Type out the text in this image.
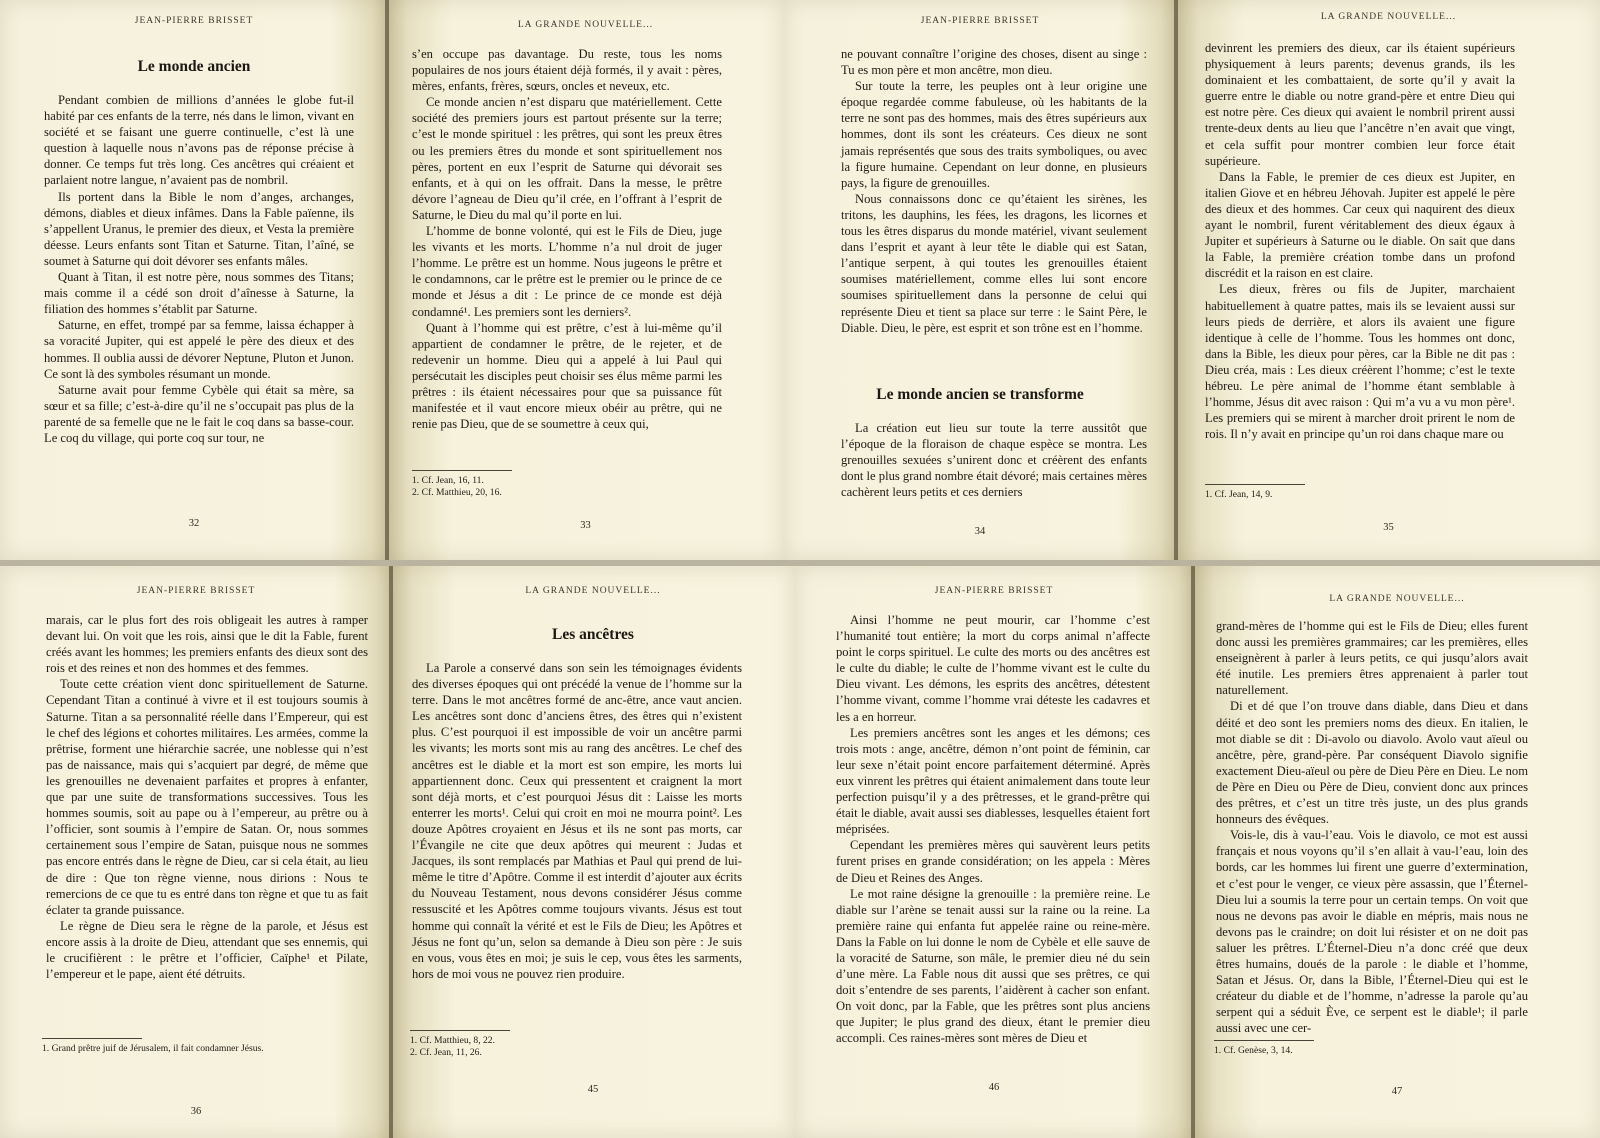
JEAN-PIERRE BRISSET
Le monde ancien

Pendant combien de millions d’années le globe fut-il habité par ces enfants de la terre, nés dans le limon, vivant en société et se faisant une guerre continuelle, c’est là une question à laquelle nous n’avons pas de réponse précise à donner. Ce temps fut très long. Ces ancêtres qui créaient et parlaient notre langue, n’avaient pas de nombril.

Ils portent dans la Bible le nom d’anges, archanges, démons, diables et dieux infâmes. Dans la Fable païenne, ils s’appellent Uranus, le premier des dieux, et Vesta la première déesse. Leurs enfants sont Titan et Saturne. Titan, l’aîné, se soumet à Saturne qui doit dévorer ses enfants mâles.

Quant à Titan, il est notre père, nous sommes des Titans; mais comme il a cédé son droit d’aînesse à Saturne, la filiation des hommes s’établit par Saturne.

Saturne, en effet, trompé par sa femme, laissa échapper à sa voracité Jupiter, qui est appelé le père des dieux et des hommes. Il oublia aussi de dévorer Neptune, Pluton et Junon. Ce sont là des symboles résumant un monde.

Saturne avait pour femme Cybèle qui était sa mère, sa sœur et sa fille; c’est-à-dire qu’il ne s’occupait pas plus de la parenté de sa femelle que ne le fait le coq dans sa basse-cour. Le coq du village, qui porte coq sur tour, ne

32
LA GRANDE NOUVELLE...

s’en occupe pas davantage. Du reste, tous les noms populaires de nos jours étaient déjà formés, il y avait : pères, mères, enfants, frères, sœurs, oncles et neveux, etc.

Ce monde ancien n’est disparu que matériellement. Cette société des premiers jours est partout présente sur la terre; c’est le monde spirituel : les prêtres, qui sont les preux êtres ou les premiers êtres du monde et sont spirituellement nos pères, portent en eux l’esprit de Saturne qui dévorait ses enfants, et à qui on les offrait. Dans la messe, le prêtre dévore l’agneau de Dieu qu’il crée, en l’offrant à l’esprit de Saturne, le Dieu du mal qu’il porte en lui.

L’homme de bonne volonté, qui est le Fils de Dieu, juge les vivants et les morts. L’homme n’a nul droit de juger l’homme. Le prêtre est un homme. Nous jugeons le prêtre et le condamnons, car le prêtre est le premier ou le prince de ce monde et Jésus a dit : Le prince de ce monde est déjà condamné¹. Les premiers sont les derniers².

Quant à l’homme qui est prêtre, c’est à lui-même qu’il appartient de condamner le prêtre, de le rejeter, et de redevenir un homme. Dieu qui a appelé à lui Paul qui persécutait les disciples peut choisir ses élus même parmi les prêtres : ils étaient nécessaires pour que sa puissance fût manifestée et il vaut encore mieux obéir au prêtre, qui ne renie pas Dieu, que de se soumettre à ceux qui,

1. Cf. Jean, 16, 11.
2. Cf. Matthieu, 20, 16.
33
JEAN-PIERRE BRISSET

ne pouvant connaître l’origine des choses, disent au singe : Tu es mon père et mon ancêtre, mon dieu.

Sur toute la terre, les peuples ont à leur origine une époque regardée comme fabuleuse, où les habitants de la terre ne sont pas des hommes, mais des êtres supérieurs aux hommes, dont ils sont les créateurs. Ces dieux ne sont jamais représentés que sous des traits symboliques, ou avec la figure humaine. Cependant on leur donne, en plusieurs pays, la figure de grenouilles.

Nous connaissons donc ce qu’étaient les sirènes, les tritons, les dauphins, les fées, les dragons, les licornes et tous les êtres disparus du monde matériel, vivant seulement dans l’esprit et ayant à leur tête le diable qui est Satan, l’antique serpent, à qui toutes les grenouilles étaient soumises matériellement, comme elles lui sont encore soumises spirituellement dans la personne de celui qui représente Dieu et tient sa place sur terre : le Saint Père, le Diable. Dieu, le père, est esprit et son trône est en l’homme.

Le monde ancien se transforme

La création eut lieu sur toute la terre aussitôt que l’époque de la floraison de chaque espèce se montra. Les grenouilles sexuées s’unirent donc et créèrent des enfants dont le plus grand nombre était dévoré; mais certaines mères cachèrent leurs petits et ces derniers

34
LA GRANDE NOUVELLE...

devinrent les premiers des dieux, car ils étaient supérieurs physiquement à leurs parents; devenus grands, ils les dominaient et les combattaient, de sorte qu’il y avait la guerre entre le diable ou notre grand-père et entre Dieu qui est notre père. Ces dieux qui avaient le nombril prirent aussi trente-deux dents au lieu que l’ancêtre n’en avait que vingt, et cela suffit pour montrer combien leur force était supérieure.

Dans la Fable, le premier de ces dieux est Jupiter, en italien Giove et en hébreu Jéhovah. Jupiter est appelé le père des dieux et des hommes. Car ceux qui naquirent des dieux ayant le nombril, furent véritablement des dieux égaux à Jupiter et supérieurs à Saturne ou le diable. On sait que dans la Fable, la première création tombe dans un profond discrédit et la raison en est claire.

Les dieux, frères ou fils de Jupiter, marchaient habituellement à quatre pattes, mais ils se levaient aussi sur leurs pieds de derrière, et alors ils avaient une figure identique à celle de l’homme. Tous les hommes ont donc, dans la Bible, les dieux pour pères, car la Bible ne dit pas : Dieu créa, mais : Les dieux créèrent l’homme; c’est le texte hébreu. Le père animal de l’homme étant semblable à l’homme, Jésus dit avec raison : Qui m’a vu a vu mon père¹. Les premiers qui se mirent à marcher droit prirent le nom de rois. Il n’y avait en principe qu’un roi dans chaque mare ou

1. Cf. Jean, 14, 9.
35
JEAN-PIERRE BRISSET

marais, car le plus fort des rois obligeait les autres à ramper devant lui. On voit que les rois, ainsi que le dit la Fable, furent créés avant les hommes; les premiers enfants des dieux sont des rois et des reines et non des hommes et des femmes.

Toute cette création vient donc spirituellement de Saturne. Cependant Titan a continué à vivre et il est toujours soumis à Saturne. Titan a sa personnalité réelle dans l’Empereur, qui est le chef des légions et cohortes militaires. Les armées, comme la prêtrise, forment une hiérarchie sacrée, une noblesse qui n’est pas de naissance, mais qui s’acquiert par degré, de même que les grenouilles ne devenaient parfaites et propres à enfanter, que par une suite de transformations successives. Tous les hommes soumis, soit au pape ou à l’empereur, au prêtre ou à l’officier, sont soumis à l’empire de Satan. Or, nous sommes certainement sous l’empire de Satan, puisque nous ne sommes pas encore entrés dans le règne de Dieu, car si cela était, au lieu de dire : Que ton règne vienne, nous dirions : Nous te remercions de ce que tu es entré dans ton règne et que tu as fait éclater ta grande puissance.

Le règne de Dieu sera le règne de la parole, et Jésus est encore assis à la droite de Dieu, attendant que ses ennemis, qui le crucifièrent : le prêtre et l’officier, Caïphe¹ et Pilate, l’empereur et le pape, aient été détruits.

1. Grand prêtre juif de Jérusalem, il fait condamner Jésus.
36
LA GRANDE NOUVELLE...
Les ancêtres

La Parole a conservé dans son sein les témoignages évidents des diverses époques qui ont précédé la venue de l’homme sur la terre. Dans le mot ancêtres formé de anc-être, ance vaut ancien. Les ancêtres sont donc d’anciens êtres, des êtres qui n’existent plus. C’est pourquoi il est impossible de voir un ancêtre parmi les vivants; les morts sont mis au rang des ancêtres. Le chef des ancêtres est le diable et la mort est son empire, les morts lui appartiennent donc. Ceux qui pressentent et craignent la mort sont déjà morts, et c’est pourquoi Jésus dit : Laisse les morts enterrer les morts¹. Celui qui croit en moi ne mourra point². Les douze Apôtres croyaient en Jésus et ils ne sont pas morts, car l’Évangile ne cite que deux apôtres qui meurent : Judas et Jacques, ils sont remplacés par Mathias et Paul qui prend de lui-même le titre d’Apôtre. Comme il est interdit d’ajouter aux écrits du Nouveau Testament, nous devons considérer Jésus comme ressuscité et les Apôtres comme toujours vivants. Jésus est tout homme qui connaît la vérité et est le Fils de Dieu; les Apôtres et Jésus ne font qu’un, selon sa demande à Dieu son père : Je suis en vous, vous êtes en moi; je suis le cep, vous êtes les sarments, hors de moi vous ne pouvez rien produire.

1. Cf. Matthieu, 8, 22.
2. Cf. Jean, 11, 26.
45
JEAN-PIERRE BRISSET

Ainsi l’homme ne peut mourir, car l’homme c’est l’humanité tout entière; la mort du corps animal n’affecte point le corps spirituel. Le culte des morts ou des ancêtres est le culte du diable; le culte de l’homme vivant est le culte du Dieu vivant. Les démons, les esprits des ancêtres, détestent l’homme vivant, comme l’homme vrai déteste les cadavres et les a en horreur.

Les premiers ancêtres sont les anges et les démons; ces trois mots : ange, ancêtre, démon n’ont point de féminin, car leur sexe n’était point encore parfaitement déterminé. Après eux vinrent les prêtres qui étaient animalement dans toute leur perfection puisqu’il y a des prêtresses, et le grand-prêtre qui était le diable, avait aussi ses diablesses, lesquelles étaient fort méprisées.

Cependant les premières mères qui sauvèrent leurs petits furent prises en grande considération; on les appela : Mères de Dieu et Reines des Anges.

Le mot raine désigne la grenouille : la première reine. Le diable sur l’arène se tenait aussi sur la raine ou la reine. La première raine qui enfanta fut appelée raine ou reine-mère. Dans la Fable on lui donne le nom de Cybèle et elle sauve de la voracité de Saturne, son mâle, le premier dieu né du sein d’une mère. La Fable nous dit aussi que ses prêtres, ce qui doit s’entendre de ses parents, l’aidèrent à cacher son enfant. On voit donc, par la Fable, que les prêtres sont plus anciens que Jupiter; le plus grand des dieux, étant le premier dieu accompli. Ces raines-mères sont mères de Dieu et

46
LA GRANDE NOUVELLE...

grand-mères de l’homme qui est le Fils de Dieu; elles furent donc aussi les premières grammaires; car les premières, elles enseignèrent à parler à leurs petits, ce qui jusqu’alors avait été inutile. Les premiers êtres apprenaient à parler tout naturellement.

Di et dé que l’on trouve dans diable, dans Dieu et dans déité et deo sont les premiers noms des dieux. En italien, le mot diable se dit : Di-avolo ou diavolo. Avolo vaut aïeul ou ancêtre, père, grand-père. Par conséquent Diavolo signifie exactement Dieu-aïeul ou père de Dieu Père en Dieu. Le nom de Père en Dieu ou Père de Dieu, convient donc aux princes des prêtres, et c’est un titre très juste, un des plus grands honneurs des évêques.

Vois-le, dis à vau-l’eau. Vois le diavolo, ce mot est aussi français et nous voyons qu’il s’en allait à vau-l’eau, loin des bords, car les hommes lui firent une guerre d’extermination, et c’est pour le venger, ce vieux père assassin, que l’Éternel-Dieu lui a soumis la terre pour un certain temps. On voit que nous ne devons pas avoir le diable en mépris, mais nous ne devons pas le craindre; on doit lui résister et on ne doit pas saluer les prêtres. L’Éternel-Dieu n’a donc créé que deux êtres humains, doués de la parole : le diable et l’homme, Satan et Jésus. Or, dans la Bible, l’Éternel-Dieu qui est le créateur du diable et de l’homme, n’adresse la parole qu’au serpent qui a séduit Ève, ce serpent est le diable¹; il parle aussi avec une cer-

1. Cf. Genèse, 3, 14.
47
